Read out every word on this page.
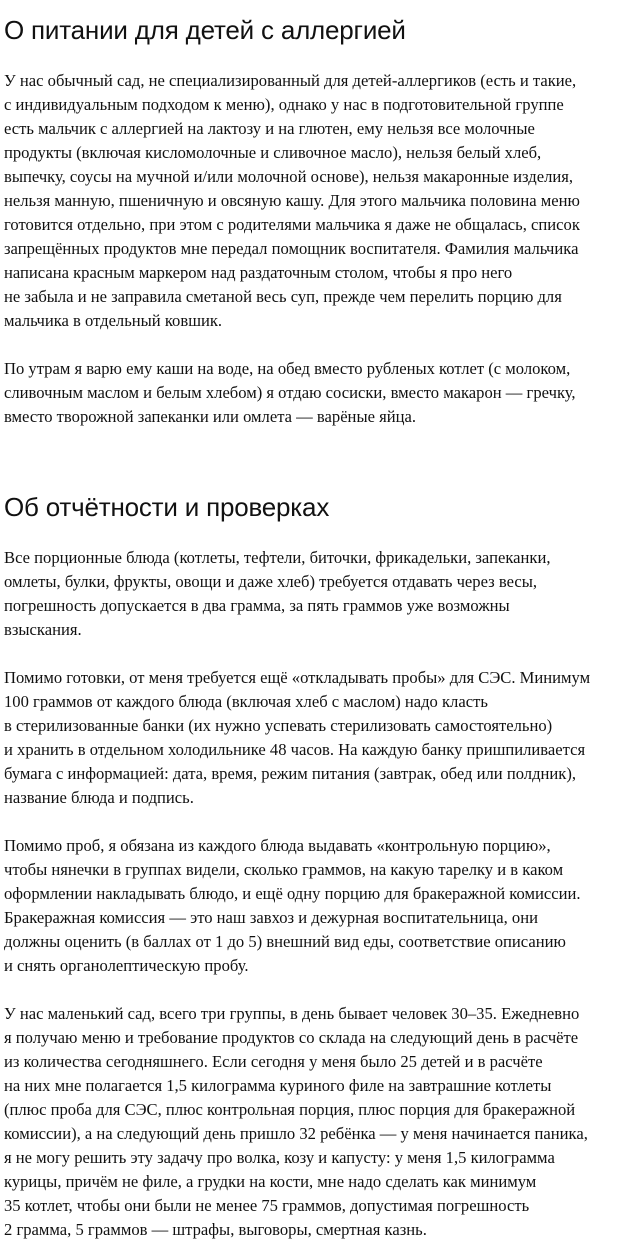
О питании для детей с аллергией

У нас обычный сад, не специализированный для детей-аллергиков (есть и такие,
с индивидуальным подходом к меню), однако у нас в подготовительной группе
есть мальчик с аллергией на лактозу и на глютен, ему нельзя все молочные
продукты (включая кисломолочные и сливочное масло), нельзя белый хлеб,
выпечку, соусы на мучной и/или молочной основе), нельзя макаронные изделия,
нельзя манную, пшеничную и овсяную кашу. Для этого мальчика половина меню
готовится отдельно, при этом с родителями мальчика я даже не общалась, список
запрещённых продуктов мне передал помощник воспитателя. Фамилия мальчика
написана красным маркером над раздаточным столом, чтобы я про него
не забыла и не заправила сметаной весь суп, прежде чем перелить порцию для
мальчика в отдельный ковшик.

По утрам я варю ему каши на воде, на обед вместо рубленых котлет (с молоком,
сливочным маслом и белым хлебом) я отдаю сосиски, вместо макарон — гречку,
вместо творожной запеканки или омлета — варёные яйца.

Об отчётности и проверках

Все порционные блюда (котлеты, тефтели, биточки, фрикадельки, запеканки,
омлеты, булки, фрукты, овощи и даже хлеб) требуется отдавать через весы,
погрешность допускается в два грамма, за пять граммов уже возможны
взыскания.

Помимо готовки, от меня требуется ещё «откладывать пробы» для СЭС. Минимум
100 граммов от каждого блюда (включая хлеб с маслом) надо класть
в стерилизованные банки (их нужно успевать стерилизовать самостоятельно)
и хранить в отдельном холодильнике 48 часов. На каждую банку пришпиливается
бумага с информацией: дата, время, режим питания (завтрак, обед или полдник),
название блюда и подпись.

Помимо проб, я обязана из каждого блюда выдавать «контрольную порцию»,
чтобы нянечки в группах видели, сколько граммов, на какую тарелку и в каком
оформлении накладывать блюдо, и ещё одну порцию для бракеражной комиссии.
Бракеражная комиссия — это наш завхоз и дежурная воспитательница, они
должны оценить (в баллах от 1 до 5) внешний вид еды, соответствие описанию
и снять органолептическую пробу.

У нас маленький сад, всего три группы, в день бывает человек 30–35. Ежедневно
я получаю меню и требование продуктов со склада на следующий день в расчёте
из количества сегодняшнего. Если сегодня у меня было 25 детей и в расчёте
на них мне полагается 1,5 килограмма куриного филе на завтрашние котлеты
(плюс проба для СЭС, плюс контрольная порция, плюс порция для бракеражной
комиссии), а на следующий день пришло 32 ребёнка — у меня начинается паника,
я не могу решить эту задачу про волка, козу и капусту: у меня 1,5 килограмма
курицы, причём не филе, а грудки на кости, мне надо сделать как минимум
35 котлет, чтобы они были не менее 75 граммов, допустимая погрешность
2 грамма, 5 граммов — штрафы, выговоры, смертная казнь.
